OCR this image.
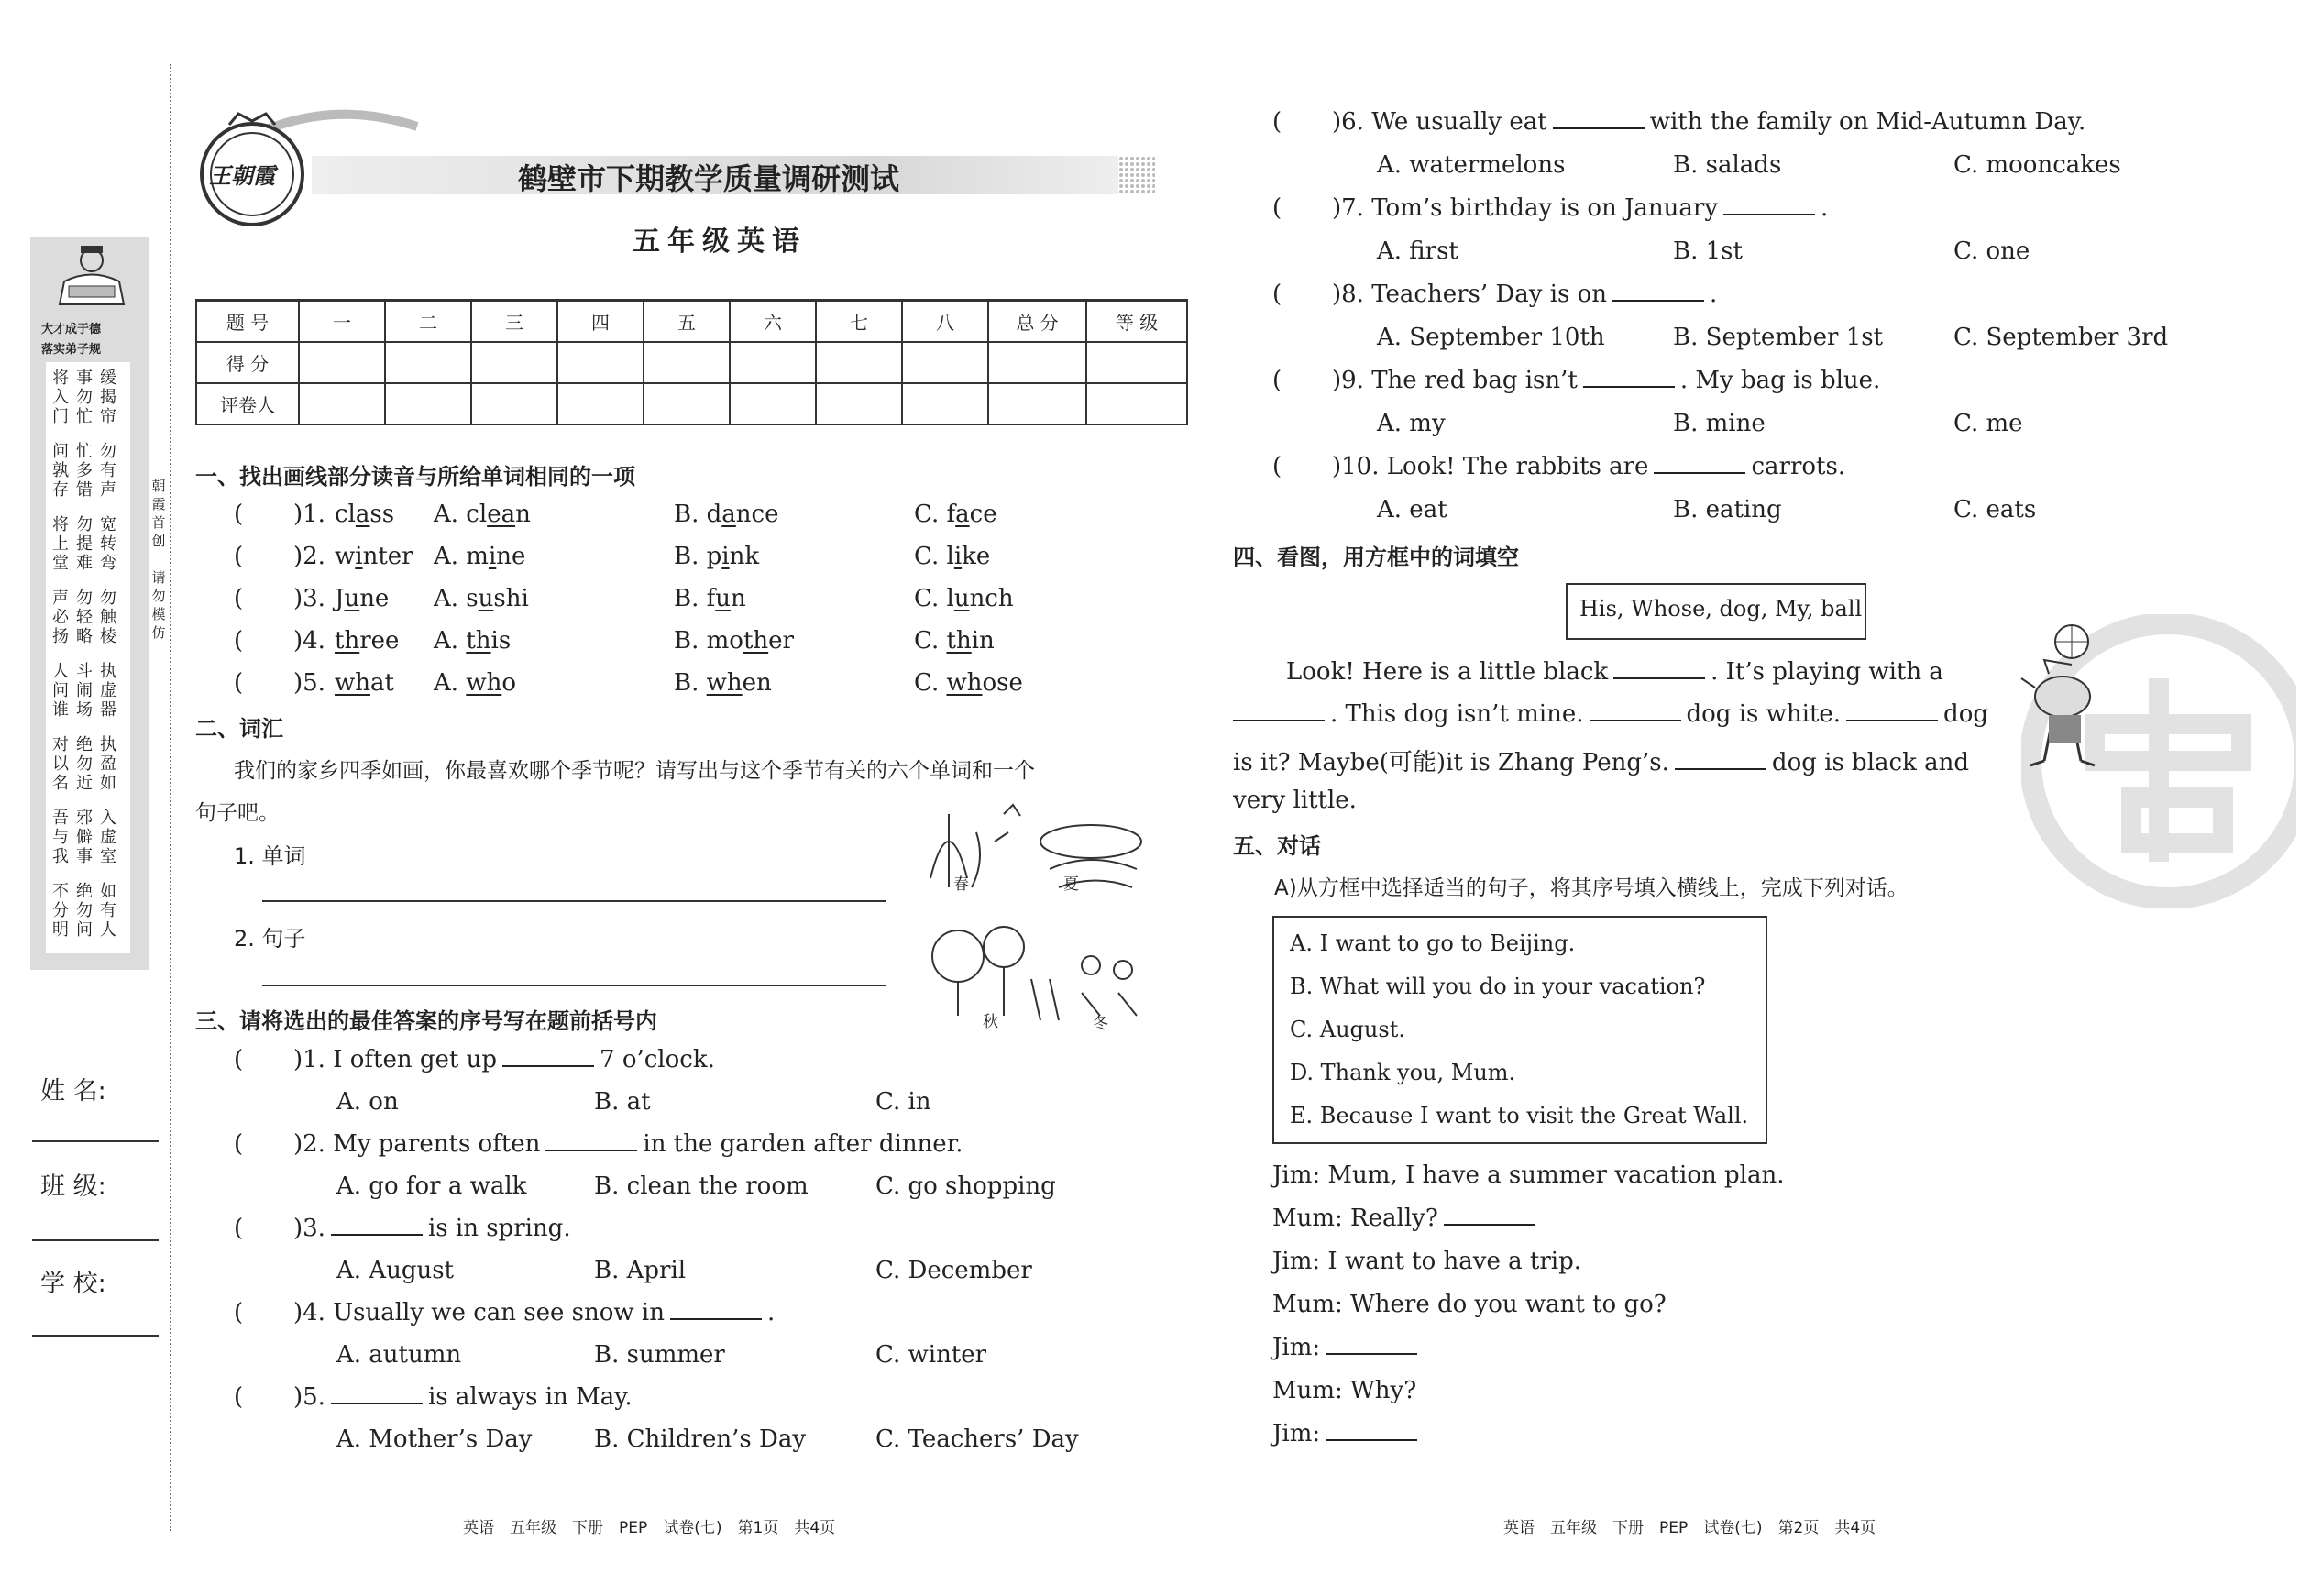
大才成于德
落实弟子规
将入门
事勿忙
缓揭帘
问孰存
忙多错
勿有声
将上堂
勿提难
宽转弯
声必扬
勿轻略
勿触棱
人问谁
斗闹场
执虚器
对以名
绝勿近
执盈如
吾与我
邪僻事
入虚室
不分明
绝勿问
如有人
朝霞首创
请勿模仿
姓 名:
班 级:
学 校:
王朝霞	鹤壁市下期教学质量调研测试
五年级英语
题 号	一	二	三	四	五	六	七	八	总 分	等 级
得 分										
评卷人										
一、找出画线部分读音与所给单词相同的一项
( )1. class A. clean	B. dance	C. face
( )2. winter A. mine	B. pink	C. like
( )3. June A. sushi	B. fun	C. lunch
( )4. three A. this	B. mother	C. thin
( )5. what A. who	B. when	C. whose
二、词汇
我们的家乡四季如画，你最喜欢哪个季节呢？请写出与这个季节有关的六个单词和一个
句子吧。
1. 单词
2. 句子
春	夏
秋	冬
三、请将选出的最佳答案的序号写在题前括号内
( )1. I often get up	7 o’clock.
A. on	B. at	C. in
( )2. My parents often	in the garden after dinner.
A. go for a walk	B. clean the room	C. go shopping
( )3.	is in spring.
A. August	B. April	C. December
( )4. Usually we can see snow in	.
A. autumn	B. summer	C. winter
( )5.	is always in May.
A. Mother’s Day	B. Children’s Day	C. Teachers’ Day
( )6. We usually eat	with the family on Mid-Autumn Day.
A. watermelons	B. salads	C. mooncakes
( )7. Tom’s birthday is on January	.
A. first	B. 1st	C. one
( )8. Teachers’ Day is on	.
A. September 10th	B. September 1st	C. September 3rd
( )9. The red bag isn’t	. My bag is blue.
A. my	B. mine	C. me
( )10. Look! The rabbits are	carrots.
A. eat	B. eating	C. eats
四、看图，用方框中的词填空
His, Whose, dog, My, ball
Look! Here is a little black	. It’s playing with a
. This dog isn’t mine.	dog is white.	dog
is it? Maybe(可能)it is Zhang Peng’s.	dog is black and
very little.
五、对话
A)从方框中选择适当的句子，将其序号填入横线上，完成下列对话。
A. I want to go to Beijing.
B. What will you do in your vacation?
C. August.
D. Thank you, Mum.
E. Because I want to visit the Great Wall.
Jim: Mum, I have a summer vacation plan.
Mum: Really?
Jim: I want to have a trip.
Mum: Where do you want to go?
Jim:
Mum: Why?
Jim:
英语　五年级　下册　PEP　试卷(七)　第1页　共4页	英语　五年级　下册　PEP　试卷(七)　第2页　共4页
